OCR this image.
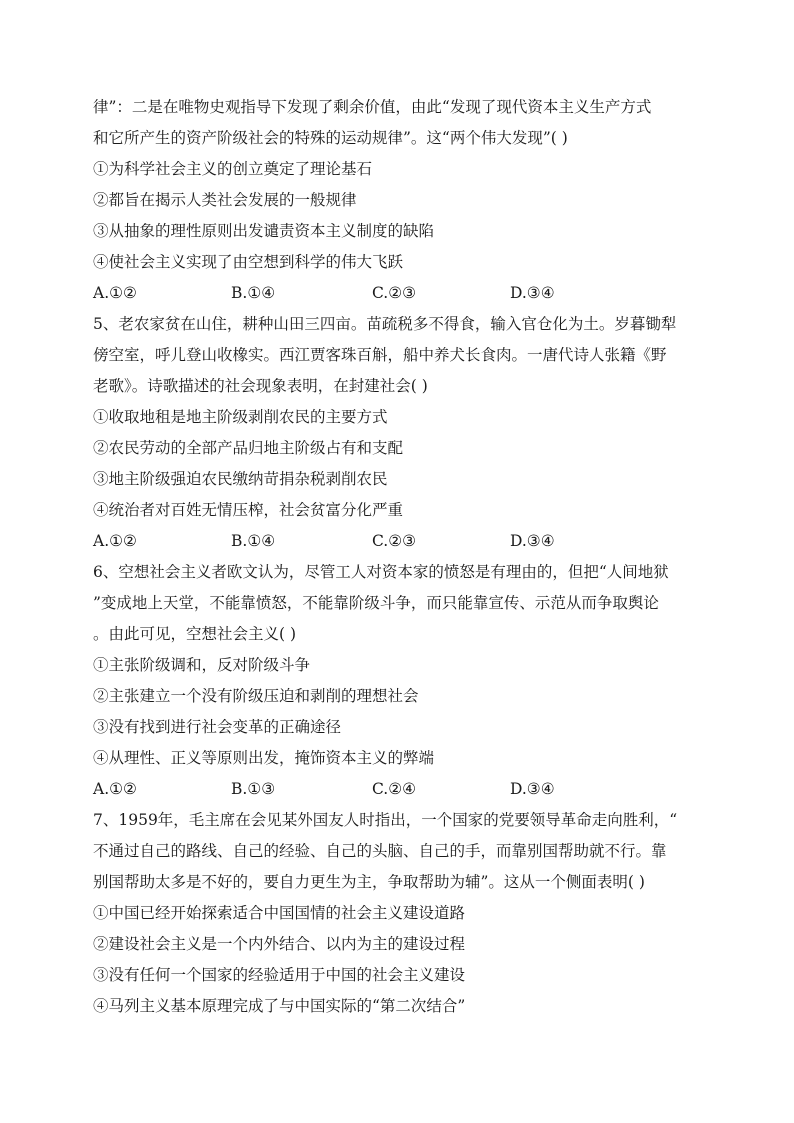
律”：二是在唯物史观指导下发现了剩余价值，由此“发现了现代资本主义生产方式
和它所产生的资产阶级社会的特殊的运动规律”。这“两个伟大发现”( )
①为科学社会主义的创立奠定了理论基石
②都旨在揭示人类社会发展的一般规律
③从抽象的理性原则出发谴责资本主义制度的缺陷
④使社会主义实现了由空想到科学的伟大飞跃
A.①②	B.①④	C.②③	D.③④
5、老农家贫在山住，耕种山田三四亩。苗疏税多不得食，输入官仓化为土。岁暮锄犁
傍空室，呼儿登山收橡实。西江贾客珠百斛，船中养犬长食肉。一唐代诗人张籍《野
老歌》。诗歌描述的社会现象表明，在封建社会( )
①收取地租是地主阶级剥削农民的主要方式
②农民劳动的全部产品归地主阶级占有和支配
③地主阶级强迫农民缴纳苛捐杂税剥削农民
④统治者对百姓无情压榨，社会贫富分化严重
A.①②	B.①④	C.②③	D.③④
6、空想社会主义者欧文认为，尽管工人对资本家的愤怒是有理由的，但把“人间地狱
”变成地上天堂，不能靠愤怒，不能靠阶级斗争，而只能靠宣传、示范从而争取舆论
。由此可见，空想社会主义( )
①主张阶级调和，反对阶级斗争
②主张建立一个没有阶级压迫和剥削的理想社会
③没有找到进行社会变革的正确途径
④从理性、正义等原则出发，掩饰资本主义的弊端
A.①②	B.①③	C.②④	D.③④
7、1959年，毛主席在会见某外国友人时指出，一个国家的党要领导革命走向胜利，“
不通过自己的路线、自己的经验、自己的头脑、自己的手，而靠别国帮助就不行。靠
别国帮助太多是不好的，要自力更生为主，争取帮助为辅”。这从一个侧面表明( )
①中国已经开始探索适合中国国情的社会主义建设道路
②建设社会主义是一个内外结合、以内为主的建设过程
③没有任何一个国家的经验适用于中国的社会主义建设
④马列主义基本原理完成了与中国实际的“第二次结合”
